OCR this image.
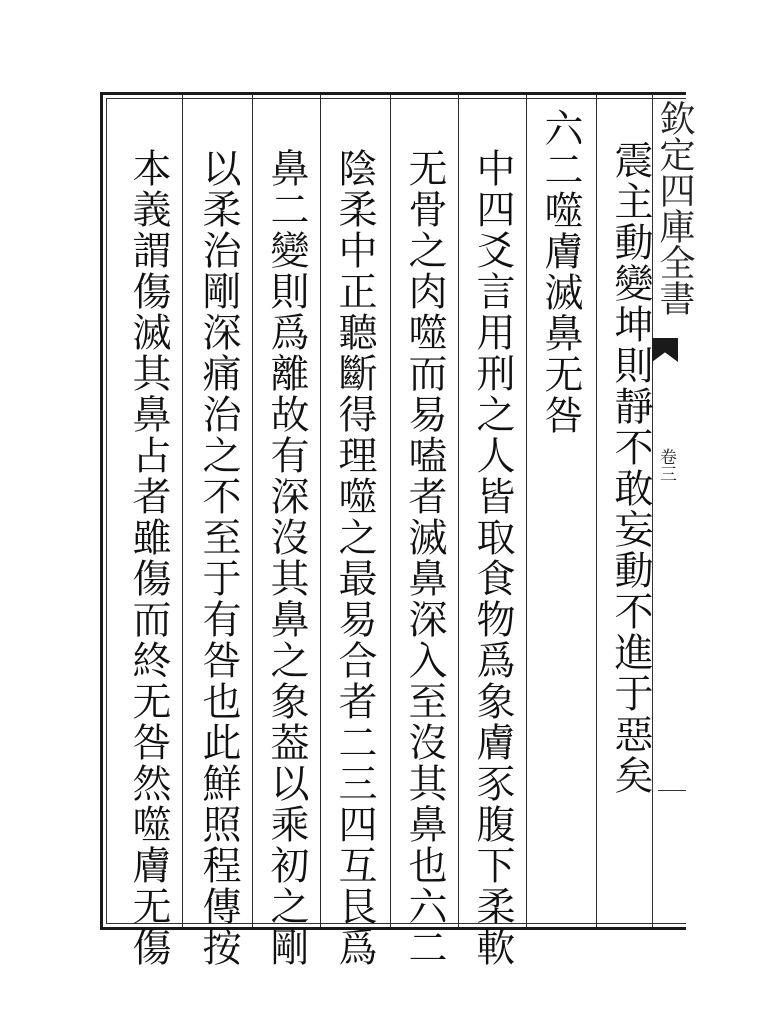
欽定四庫全書
卷三
震主動變坤則靜不敢妄動不進于惡矣
六二噬膚滅鼻无咎
中四爻言用刑之人皆取食物爲象膚豕腹下柔軟
无骨之肉噬而易嗑者滅鼻深入至沒其鼻也六二
陰柔中正聽斷得理噬之最易合者二三四互艮爲
鼻二變則爲離故有深沒其鼻之象葢以乘初之剛
以柔治剛深痛治之不至于有咎也此鮮照程傳按
本義謂傷滅其鼻占者雖傷而終无咎然噬膚无傷
